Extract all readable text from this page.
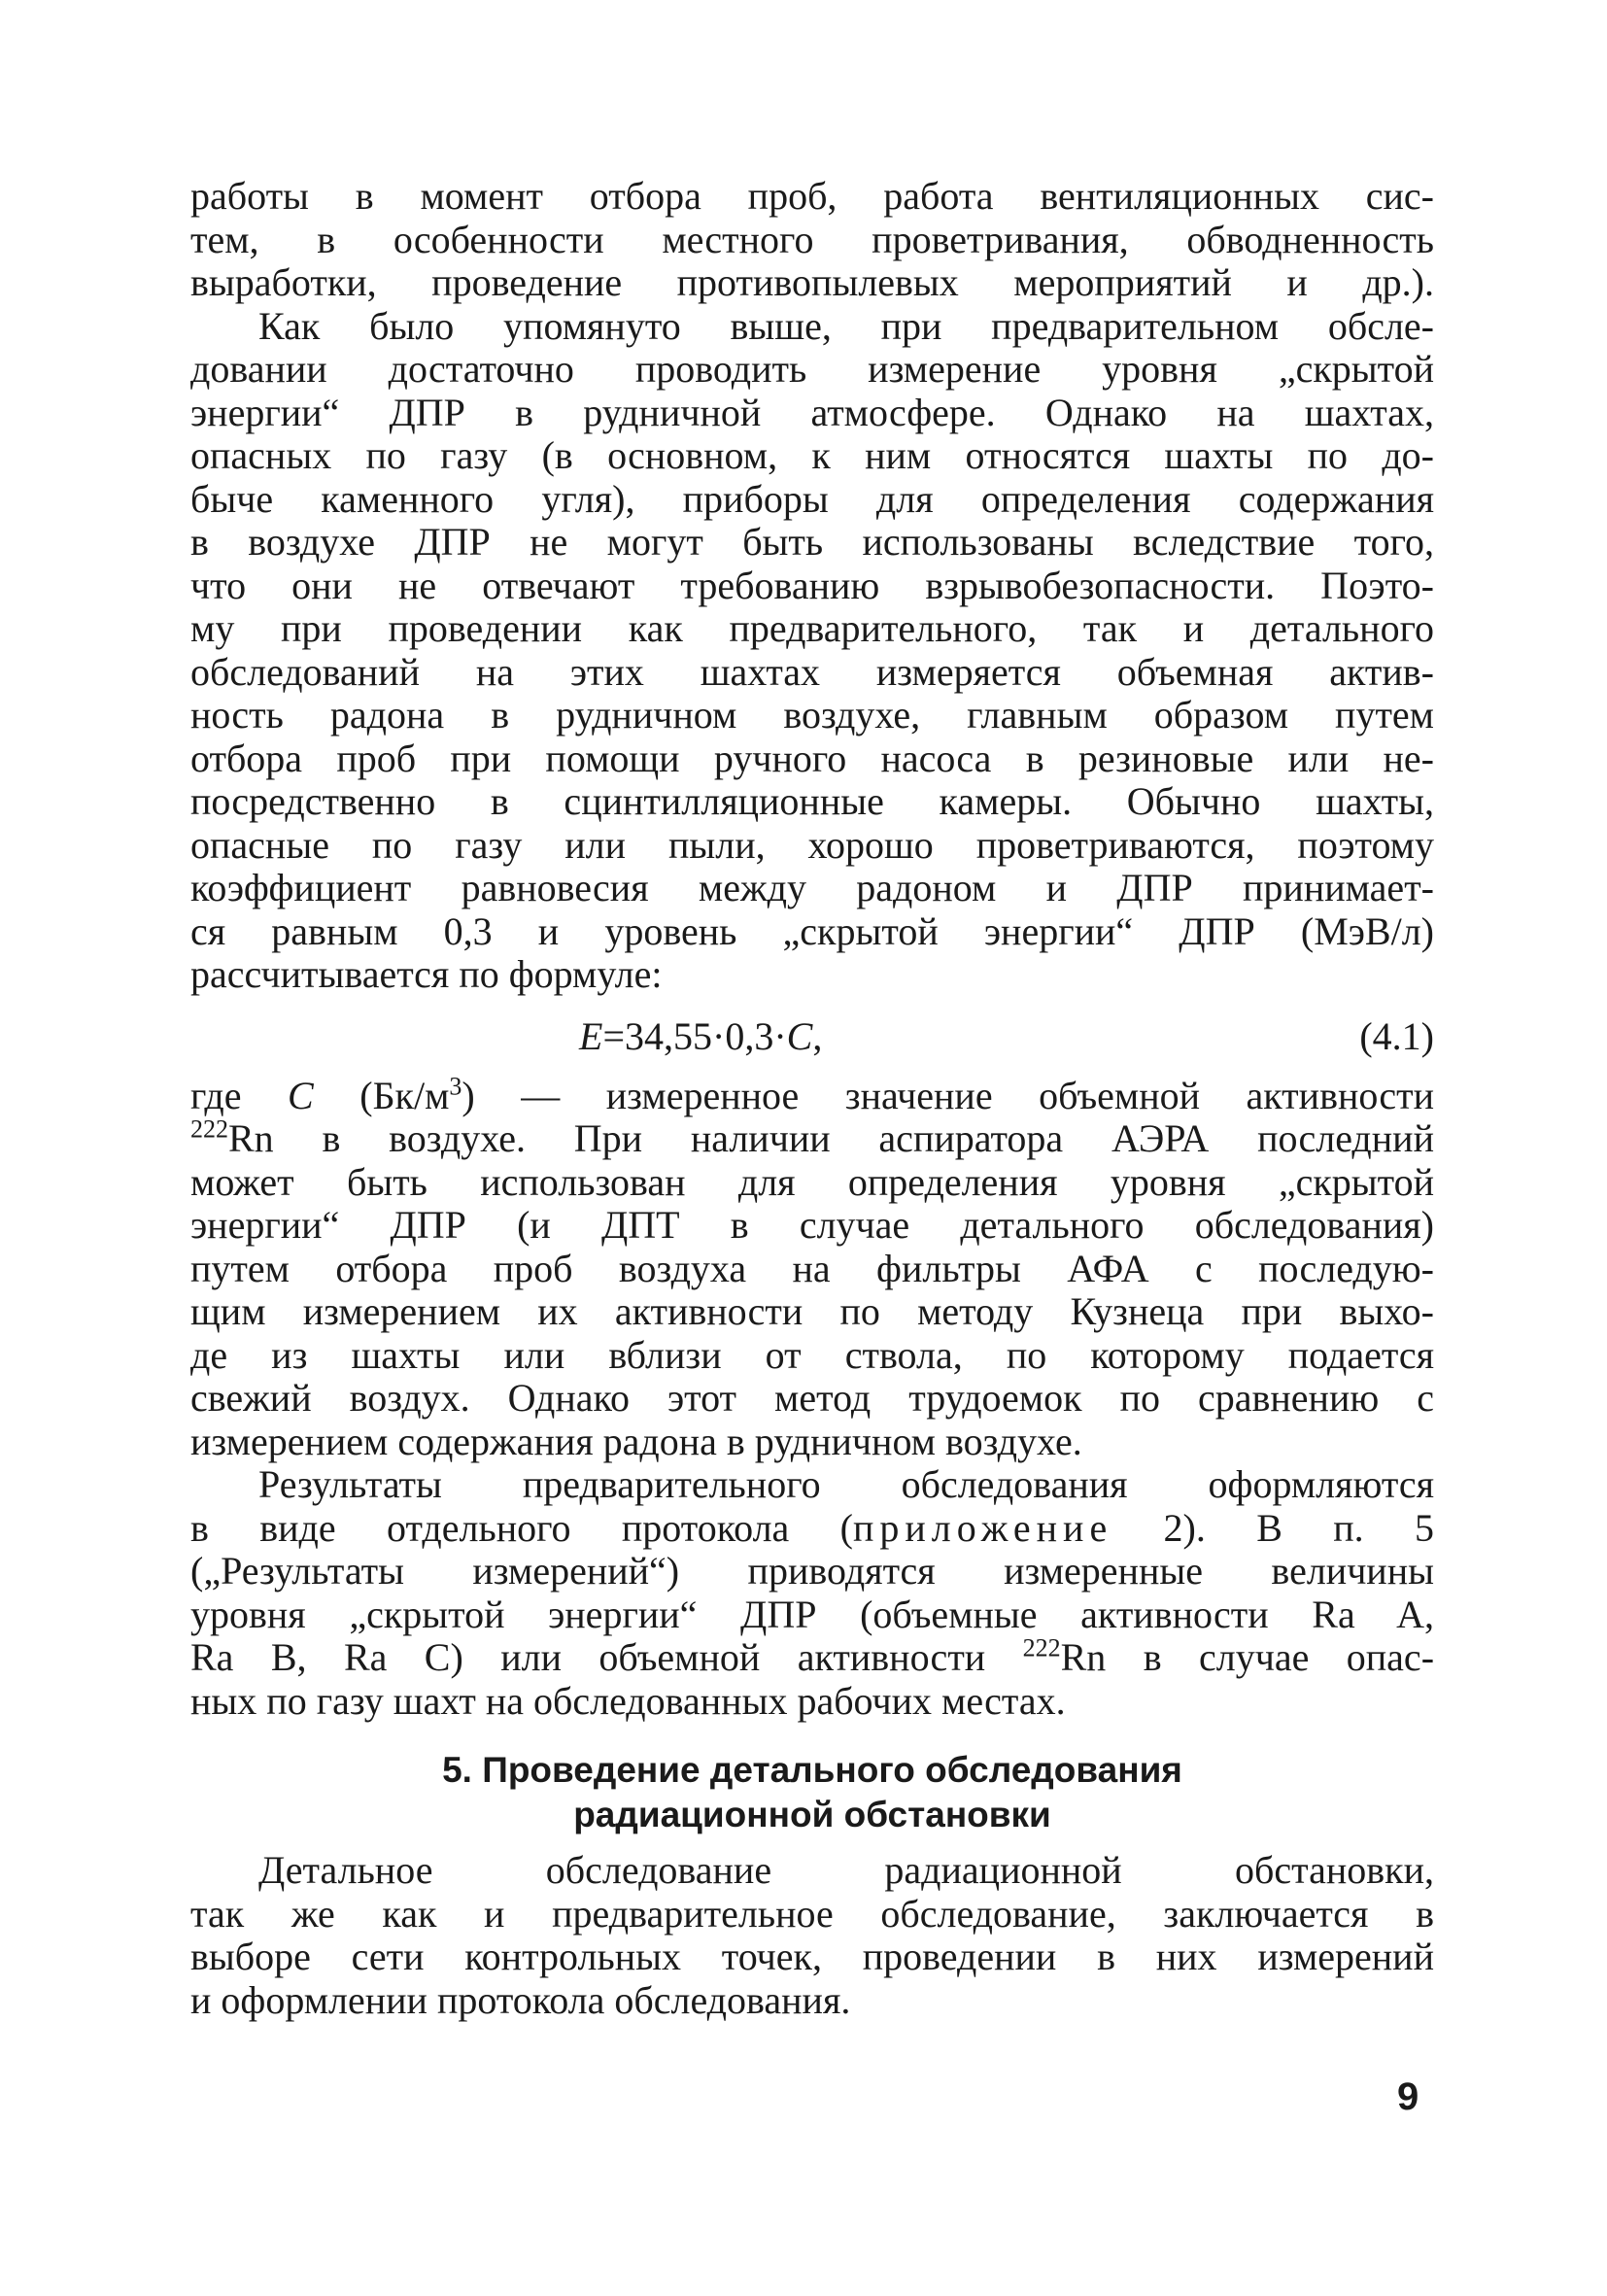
работы в момент отбора проб, работа вентиляционных сис-

тем, в особенности местного проветривания, обводненность

выработки, проведение противопылевых мероприятий и др.).

Как было упомянуто выше, при предварительном обсле-

довании достаточно проводить измерение уровня „скрытой

энергии“ ДПР в рудничной атмосфере. Однако на шахтах,

опасных по газу (в основном, к ним относятся шахты по до-

быче каменного угля), приборы для определения содержания

в воздухе ДПР не могут быть использованы вследствие того,

что они не отвечают требованию взрывобезопасности. Поэто-

му при проведении как предварительного, так и детального

обследований на этих шахтах измеряется объемная актив-

ность радона в рудничном воздухе, главным образом путем

отбора проб при помощи ручного насоса в резиновые или не-

посредственно в сцинтилляционные камеры. Обычно шахты,

опасные по газу или пыли, хорошо проветриваются, поэтому

коэффициент равновесия между радоном и ДПР принимает-

ся равным 0,3 и уровень „скрытой энергии“ ДПР (МэВ/л)

рассчитывается по формуле:

E=34,55·0,3·C,	(4.1)

где C $(Бк/м^3)$ — измеренное значение объемной активности

$^{222}$Rn в воздухе. При наличии аспиратора АЭРА последний

может быть использован для определения уровня „скрытой

энергии“ ДПР (и ДПТ в случае детального обследования)

путем отбора проб воздуха на фильтры АФА с последую-

щим измерением их активности по методу Кузнеца при выхо-

де из шахты или вблизи от ствола, по которому подается

свежий воздух. Однако этот метод трудоемок по сравнению с

измерением содержания радона в рудничном воздухе.

Результаты предварительного обследования оформляются

в виде отдельного протокола (приложение 2). В п. 5

(„Результаты измерений“) приводятся измеренные величины

уровня „скрытой энергии“ ДПР (объемные активности Ra A,

Ra B, Ra C) или объемной активности $^{222}$Rn в случае опас-

ных по газу шахт на обследованных рабочих местах.

5. Проведение детального обследования
радиационной обстановки

Детальное обследование радиационной обстановки,

так же как и предварительное обследование, заключается в

выборе сети контрольных точек, проведении в них измерений

и оформлении протокола обследования.

9
